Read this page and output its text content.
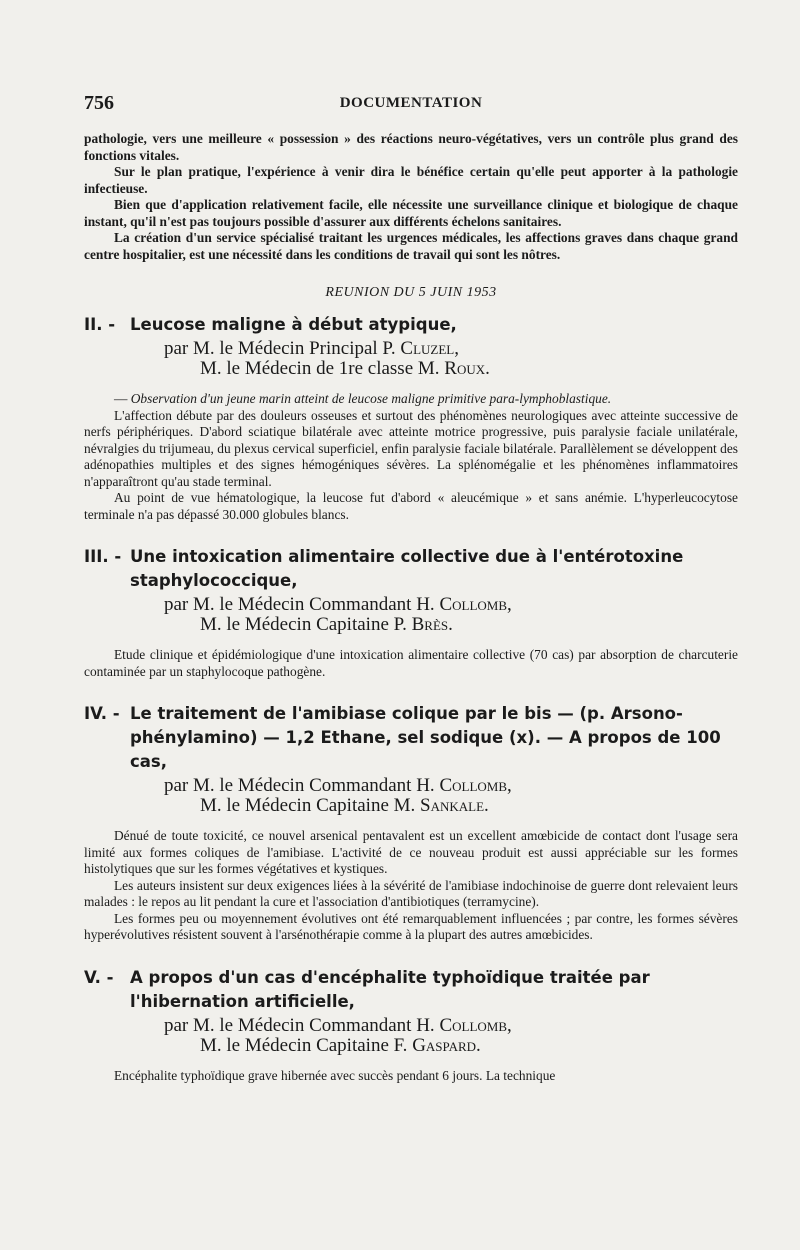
756	DOCUMENTATION

pathologie, vers une meilleure « possession » des réactions neuro-végétatives, vers un contrôle plus grand des fonctions vitales.

Sur le plan pratique, l'expérience à venir dira le bénéfice certain qu'elle peut apporter à la pathologie infectieuse.

Bien que d'application relativement facile, elle nécessite une surveillance clinique et biologique de chaque instant, qu'il n'est pas toujours possible d'assurer aux différents échelons sanitaires.

La création d'un service spécialisé traitant les urgences médicales, les affections graves dans chaque grand centre hospitalier, est une nécessité dans les conditions de travail qui sont les nôtres.

REUNION DU 5 JUIN 1953
II. - Leucose maligne à début atypique,
par M. le Médecin Principal P. Cluzel,
M. le Médecin de 1re classe M. Roux.

— Observation d'un jeune marin atteint de leucose maligne primitive para-lymphoblastique.

L'affection débute par des douleurs osseuses et surtout des phénomènes neurologiques avec atteinte successive de nerfs périphériques. D'abord sciatique bilatérale avec atteinte motrice progressive, puis paralysie faciale unilatérale, névralgies du trijumeau, du plexus cervical superficiel, enfin paralysie faciale bilatérale. Parallèlement se développent des adénopathies multiples et des signes hémogéniques sévères. La splénomégalie et les phénomènes inflammatoires n'apparaîtront qu'au stade terminal.

Au point de vue hématologique, la leucose fut d'abord « aleucémique » et sans anémie. L'hyperleucocytose terminale n'a pas dépassé 30.000 globules blancs.

III. - Une intoxication alimentaire collective due à l'entérotoxine staphylococcique,
par M. le Médecin Commandant H. Collomb,
M. le Médecin Capitaine P. Brès.

Etude clinique et épidémiologique d'une intoxication alimentaire collective (70 cas) par absorption de charcuterie contaminée par un staphylocoque pathogène.

IV. - Le traitement de l'amibiase colique par le bis — (p. Arsono-phénylamino) — 1,2 Ethane, sel sodique (x). — A propos de 100 cas,
par M. le Médecin Commandant H. Collomb,
M. le Médecin Capitaine M. Sankale.

Dénué de toute toxicité, ce nouvel arsenical pentavalent est un excellent amœbicide de contact dont l'usage sera limité aux formes coliques de l'amibiase. L'activité de ce nouveau produit est aussi appréciable sur les formes histolytiques que sur les formes végétatives et kystiques.

Les auteurs insistent sur deux exigences liées à la sévérité de l'amibiase indochinoise de guerre dont relevaient leurs malades : le repos au lit pendant la cure et l'association d'antibiotiques (terramycine).

Les formes peu ou moyennement évolutives ont été remarquablement influencées ; par contre, les formes sévères hyperévolutives résistent souvent à l'arsénothérapie comme à la plupart des autres amœbicides.

V. - A propos d'un cas d'encéphalite typhoïdique traitée par l'hibernation artificielle,
par M. le Médecin Commandant H. Collomb,
M. le Médecin Capitaine F. Gaspard.

Encéphalite typhoïdique grave hibernée avec succès pendant 6 jours. La technique
